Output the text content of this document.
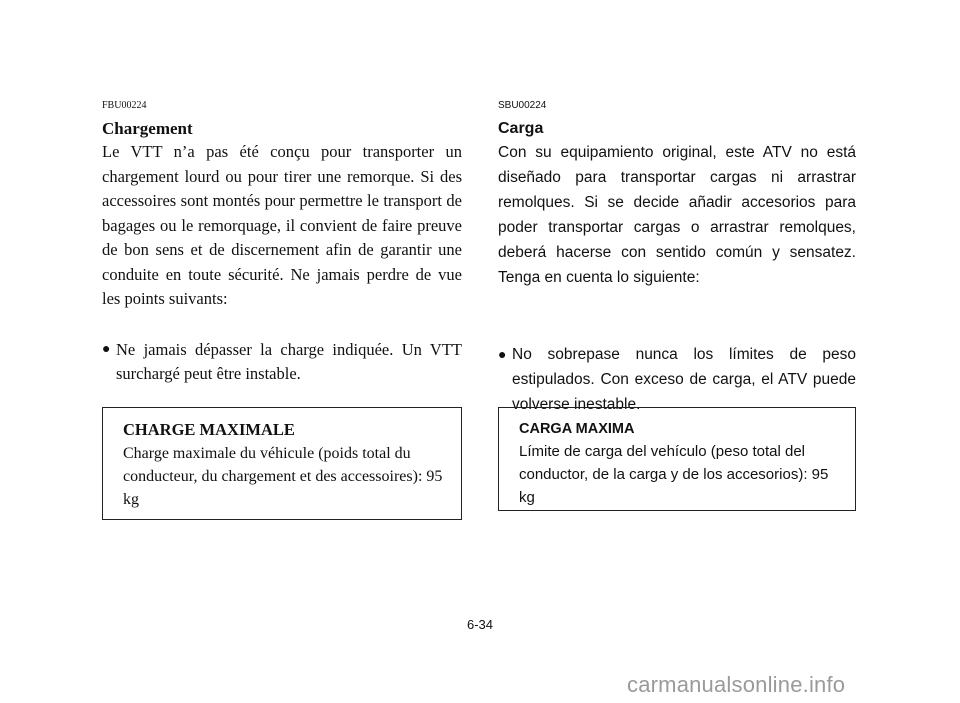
FBU00224

Chargement

Le VTT n’a pas été conçu pour transporter un chargement lourd ou pour tirer une remorque. Si des accessoires sont montés pour permettre le transport de bagages ou le remorquage, il convient de faire preuve de bon sens et de discernement afin de garantir une conduite en toute sécurité. Ne jamais perdre de vue les points suivants:

● Ne jamais dépasser la charge indiquée. Un VTT surchargé peut être instable.
CHARGE MAXIMALE
Charge maximale du véhicule (poids total du conducteur, du chargement et des accessoires): 95 kg

SBU00224

Carga

Con su equipamiento original, este ATV no está diseñado para transportar cargas ni arrastrar remolques. Si se decide añadir accesorios para poder transportar cargas o arrastrar remolques, deberá hacerse con sentido común y sensatez. Tenga en cuenta lo siguiente:

● No sobrepase nunca los límites de peso estipulados. Con exceso de carga, el ATV puede volverse inestable.
CARGA MAXIMA
Límite de carga del vehículo (peso total del conductor, de la carga y de los accesorios): 95 kg
6-34
carmanualsonline.info
